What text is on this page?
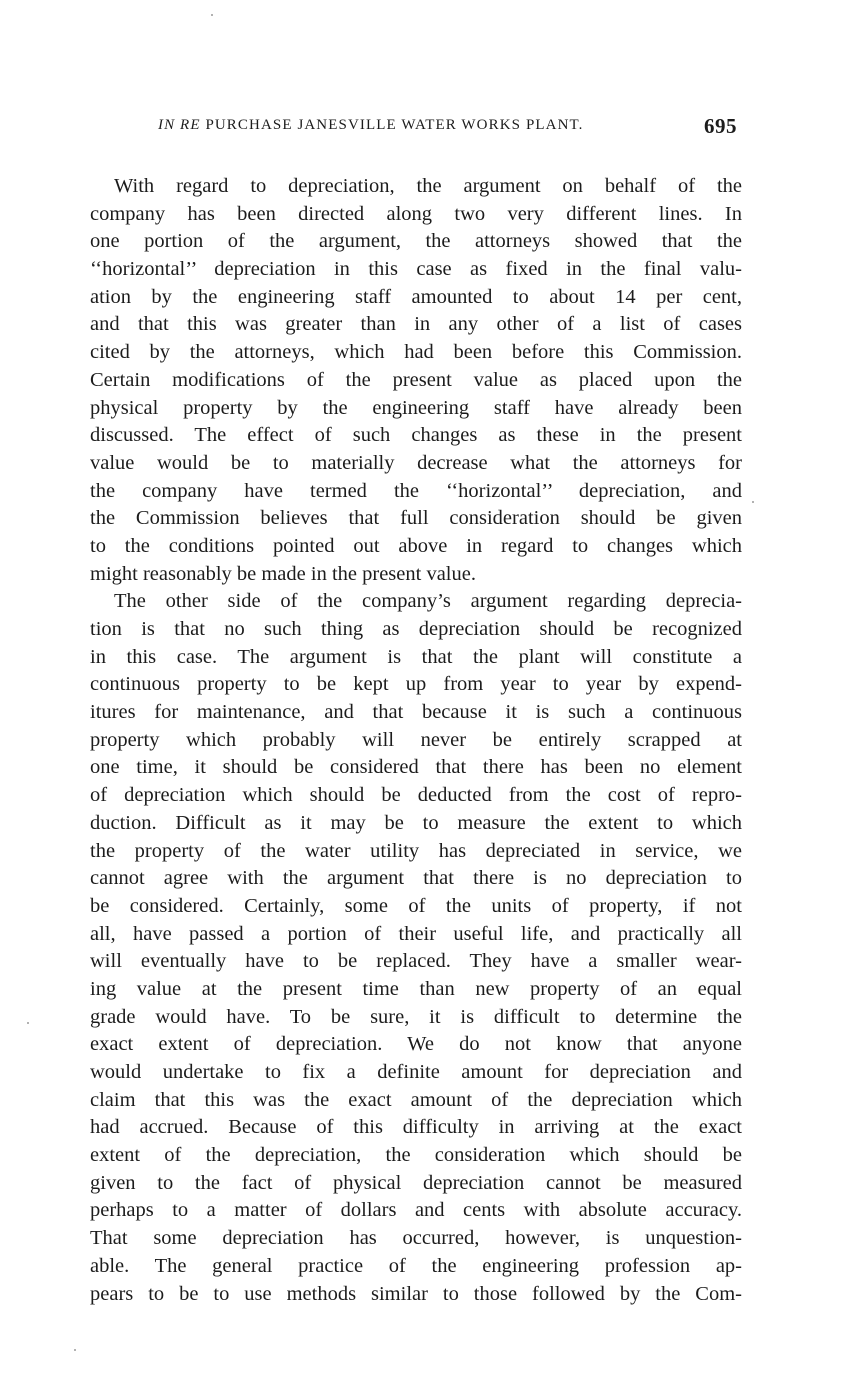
IN RE PURCHASE JANESVILLE WATER WORKS PLANT.	695
With regard to depreciation, the argument on behalf of the
company has been directed along two very different lines. In
one portion of the argument, the attorneys showed that the
‘‘horizontal’’ depreciation in this case as fixed in the final valu-
ation by the engineering staff amounted to about 14 per cent,
and that this was greater than in any other of a list of cases
cited by the attorneys, which had been before this Commission.
Certain modifications of the present value as placed upon the
physical property by the engineering staff have already been
discussed. The effect of such changes as these in the present
value would be to materially decrease what the attorneys for
the company have termed the ‘‘horizontal’’ depreciation, and
the Commission believes that full consideration should be given
to the conditions pointed out above in regard to changes which
might reasonably be made in the present value.
The other side of the company’s argument regarding deprecia-
tion is that no such thing as depreciation should be recognized
in this case. The argument is that the plant will constitute a
continuous property to be kept up from year to year by expend-
itures for maintenance, and that because it is such a continuous
property which probably will never be entirely scrapped at
one time, it should be considered that there has been no element
of depreciation which should be deducted from the cost of repro-
duction. Difficult as it may be to measure the extent to which
the property of the water utility has depreciated in service, we
cannot agree with the argument that there is no depreciation to
be considered. Certainly, some of the units of property, if not
all, have passed a portion of their useful life, and practically all
will eventually have to be replaced. They have a smaller wear-
ing value at the present time than new property of an equal
grade would have. To be sure, it is difficult to determine the
exact extent of depreciation. We do not know that anyone
would undertake to fix a definite amount for depreciation and
claim that this was the exact amount of the depreciation which
had accrued. Because of this difficulty in arriving at the exact
extent of the depreciation, the consideration which should be
given to the fact of physical depreciation cannot be measured
perhaps to a matter of dollars and cents with absolute accuracy.
That some depreciation has occurred, however, is unquestion-
able. The general practice of the engineering profession ap-
pears to be to use methods similar to those followed by the Com-
